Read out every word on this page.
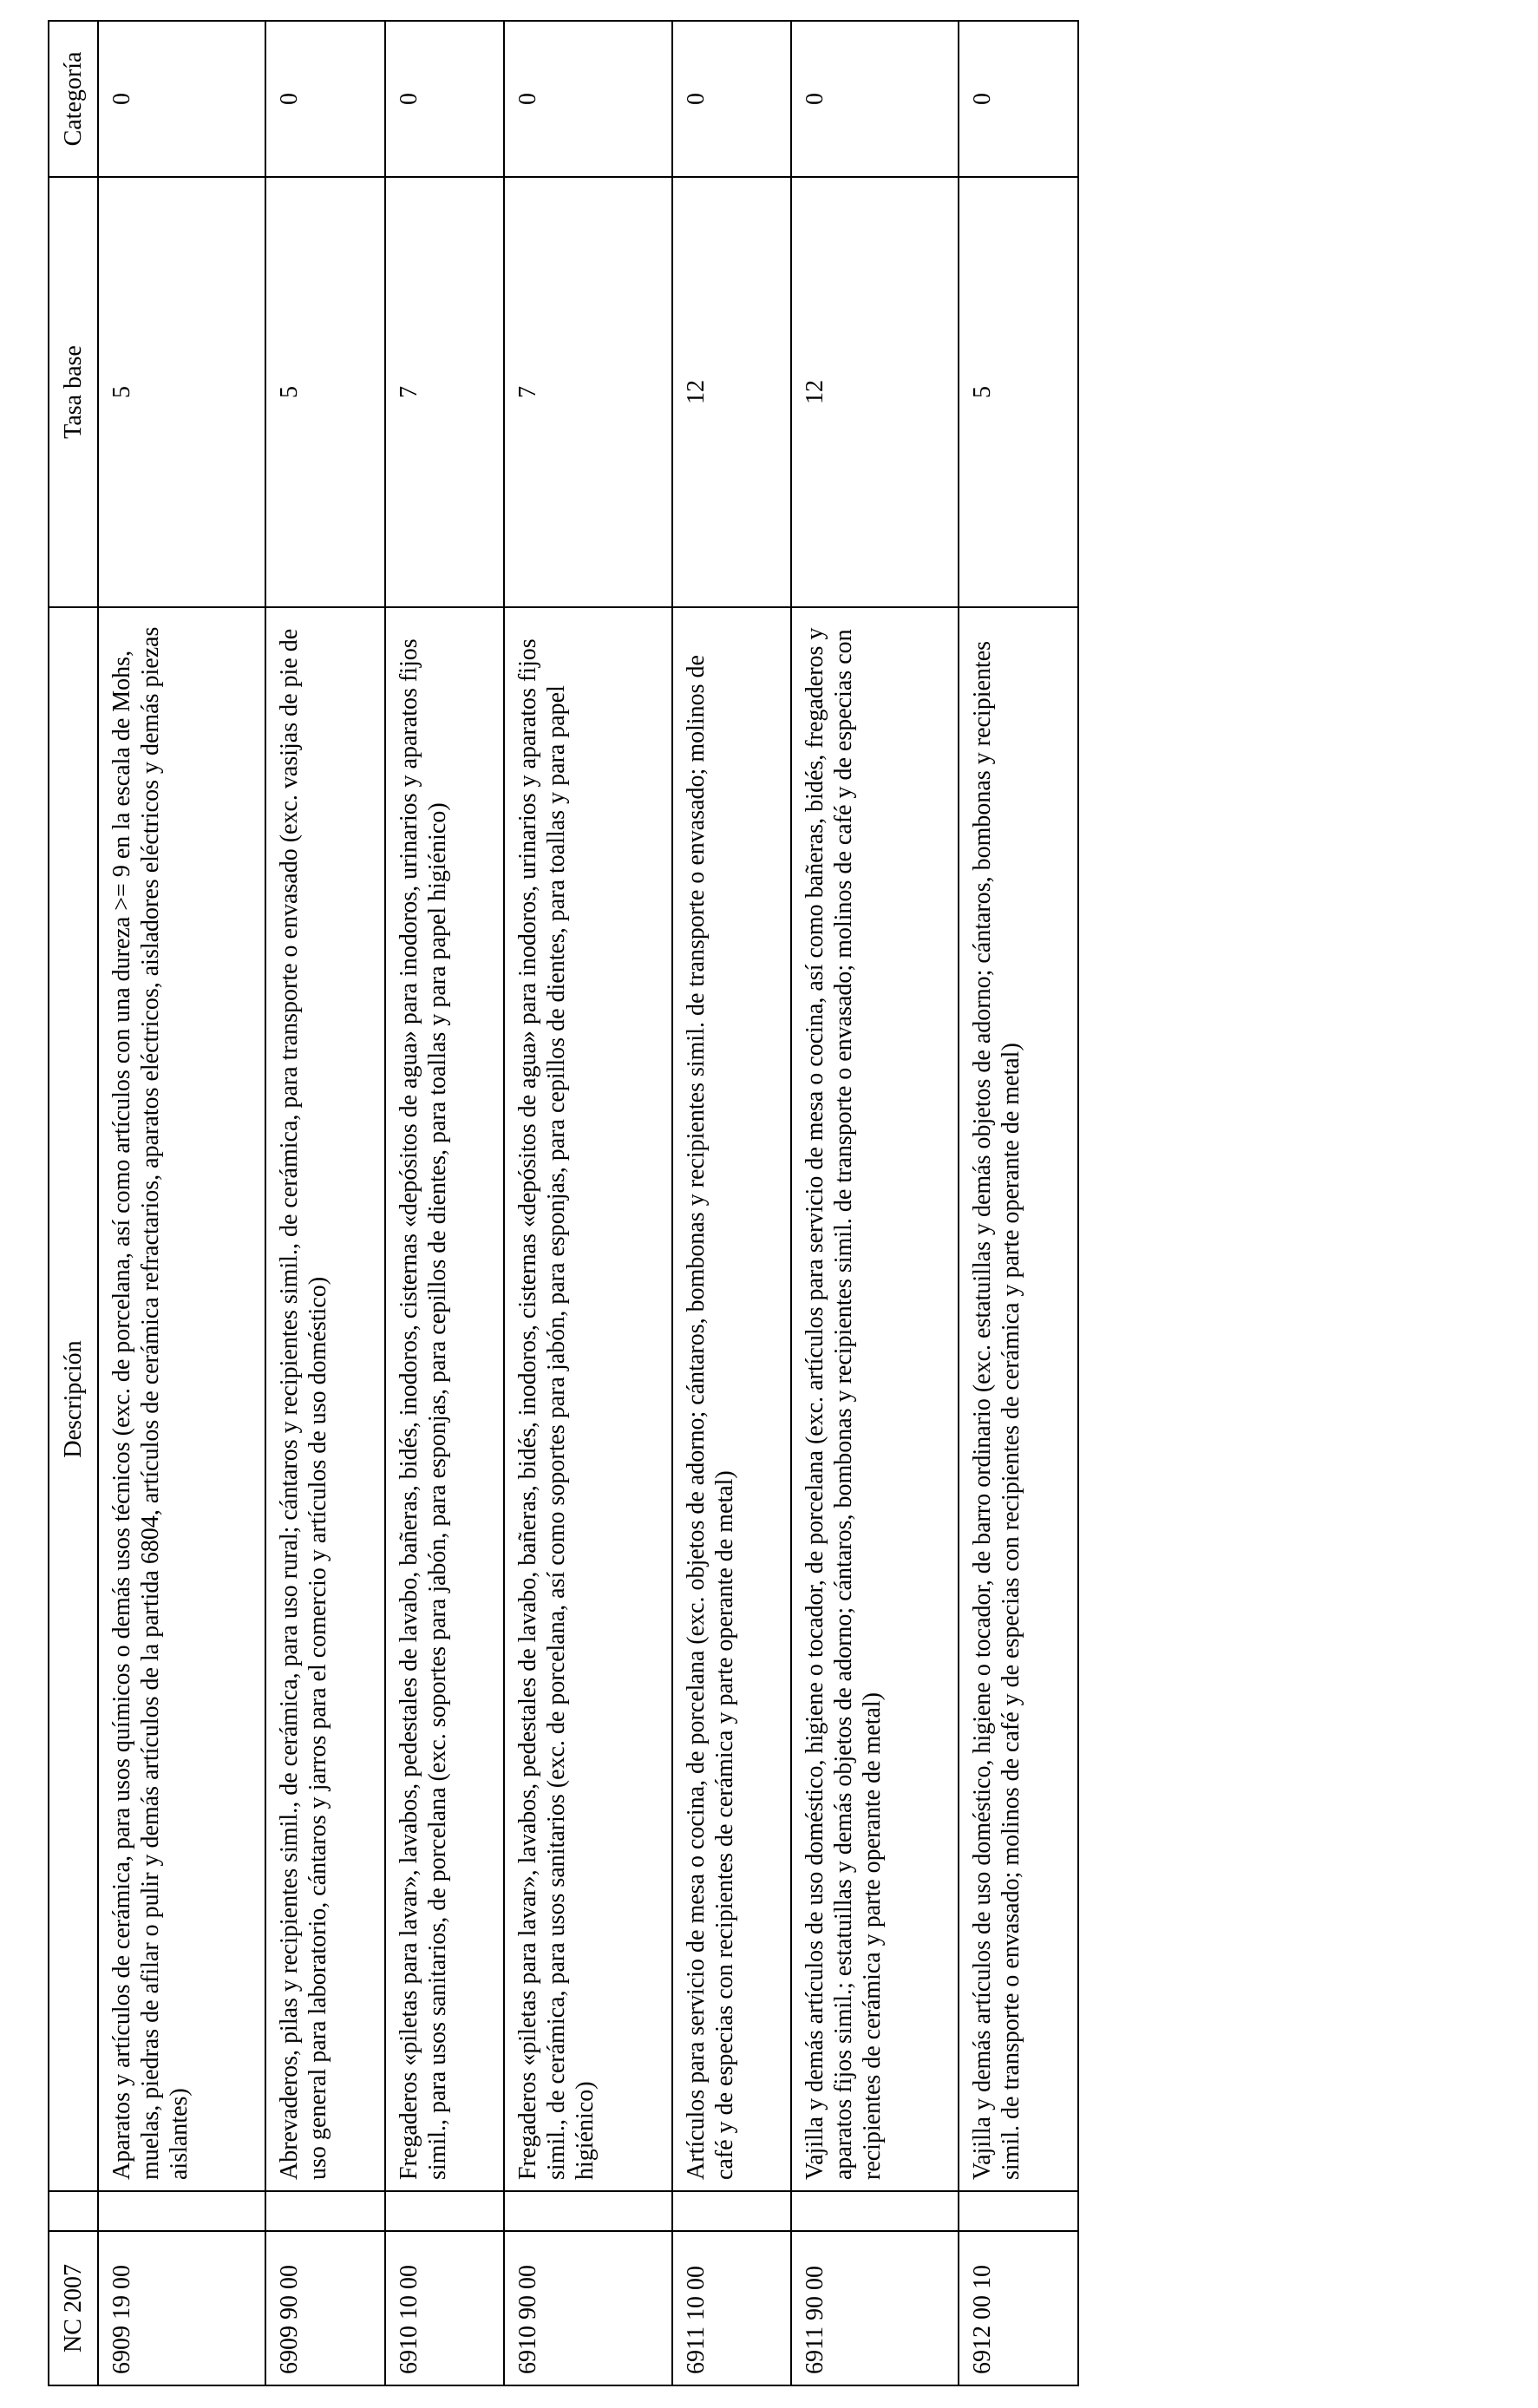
NC 2007		Descripción	Tasa base	Categoría
6909 19 00		Aparatos y artículos de cerámica, para usos químicos o demás usos técnicos (exc. de porcelana, así como artículos con una dureza >= 9 en la escala de Mohs, muelas, piedras de afilar o pulir y demás artículos de la partida 6804, artículos de cerámica refractarios, aparatos eléctricos, aisladores eléctricos y demás piezas aislantes)	5	0
6909 90 00		Abrevaderos, pilas y recipientes simil., de cerámica, para uso rural; cántaros y recipientes simil., de cerámica, para transporte o envasado (exc. vasijas de pie de uso general para laboratorio, cántaros y jarros para el comercio y artículos de uso doméstico)	5	0
6910 10 00		Fregaderos «piletas para lavar», lavabos, pedestales de lavabo, bañeras, bidés, inodoros, cisternas «depósitos de agua» para inodoros, urinarios y aparatos fijos simil., para usos sanitarios, de porcelana (exc. soportes para jabón, para esponjas, para cepillos de dientes, para toallas y para papel higiénico)	7	0
6910 90 00		Fregaderos «piletas para lavar», lavabos, pedestales de lavabo, bañeras, bidés, inodoros, cisternas «depósitos de agua» para inodoros, urinarios y aparatos fijos simil., de cerámica, para usos sanitarios (exc. de porcelana, así como soportes para jabón, para esponjas, para cepillos de dientes, para toallas y para papel higiénico)	7	0
6911 10 00		Artículos para servicio de mesa o cocina, de porcelana (exc. objetos de adorno; cántaros, bombonas y recipientes simil. de transporte o envasado; molinos de café y de especias con recipientes de cerámica y parte operante de metal)	12	0
6911 90 00		Vajilla y demás artículos de uso doméstico, higiene o tocador, de porcelana (exc. artículos para servicio de mesa o cocina, así como bañeras, bidés, fregaderos y aparatos fijos simil.; estatuillas y demás objetos de adorno; cántaros, bombonas y recipientes simil. de transporte o envasado; molinos de café y de especias con recipientes de cerámica y parte operante de metal)	12	0
6912 00 10		Vajilla y demás artículos de uso doméstico, higiene o tocador, de barro ordinario (exc. estatuillas y demás objetos de adorno; cántaros, bombonas y recipientes simil. de transporte o envasado; molinos de café y de especias con recipientes de cerámica y parte operante de metal)	5	0
